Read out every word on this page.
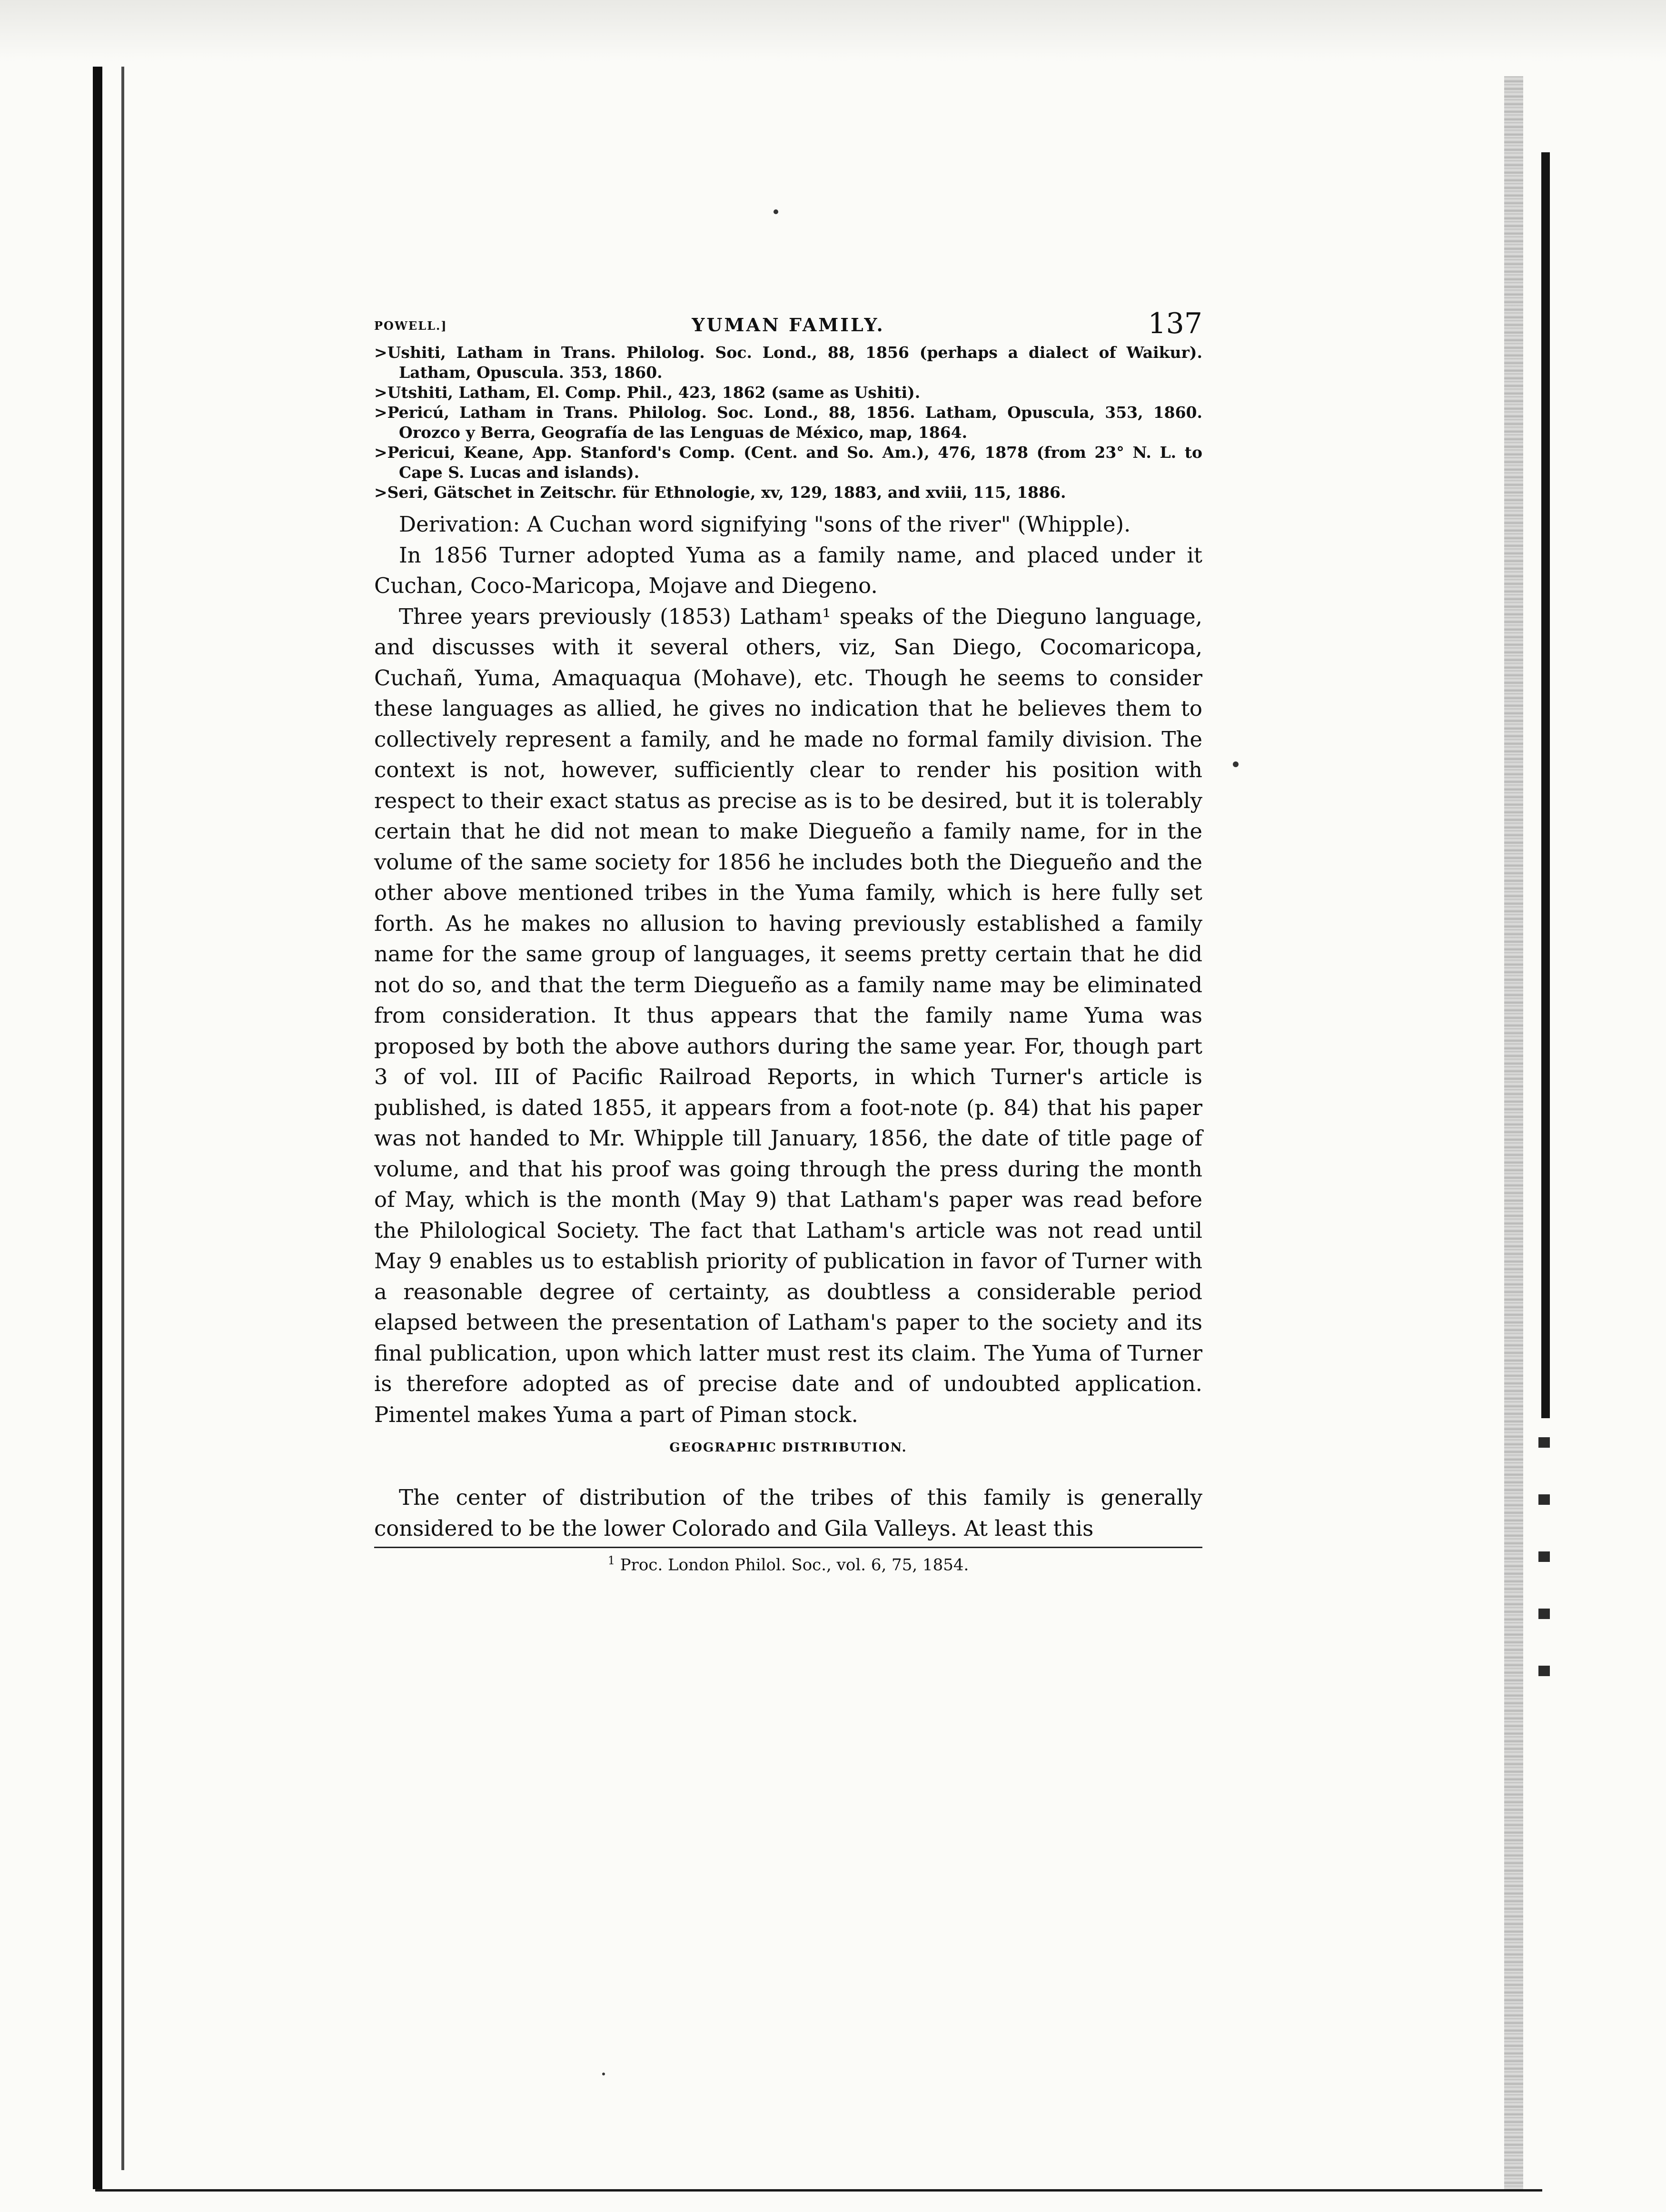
POWELL.]	YUMAN FAMILY.	137
>Ushiti, Latham in Trans. Philolog. Soc. Lond., 88, 1856 (perhaps a dialect of Waikur). Latham, Opuscula. 353, 1860.
>Utshiti, Latham, El. Comp. Phil., 423, 1862 (same as Ushiti).
>Pericú, Latham in Trans. Philolog. Soc. Lond., 88, 1856. Latham, Opuscula, 353, 1860. Orozco y Berra, Geografía de las Lenguas de México, map, 1864.
>Pericui, Keane, App. Stanford's Comp. (Cent. and So. Am.), 476, 1878 (from 23° N. L. to Cape S. Lucas and islands).
>Seri, Gätschet in Zeitschr. für Ethnologie, xv, 129, 1883, and xviii, 115, 1886.

Derivation: A Cuchan word signifying "sons of the river" (Whipple).

In 1856 Turner adopted Yuma as a family name, and placed under it Cuchan, Coco-Maricopa, Mojave and Diegeno.

Three years previously (1853) Latham¹ speaks of the Dieguno language, and discusses with it several others, viz, San Diego, Cocomaricopa, Cuchañ, Yuma, Amaquaqua (Mohave), etc. Though he seems to consider these languages as allied, he gives no indication that he believes them to collectively represent a family, and he made no formal family division. The context is not, however, sufficiently clear to render his position with respect to their exact status as precise as is to be desired, but it is tolerably certain that he did not mean to make Diegueño a family name, for in the volume of the same society for 1856 he includes both the Diegueño and the other above mentioned tribes in the Yuma family, which is here fully set forth. As he makes no allusion to having previously established a family name for the same group of languages, it seems pretty certain that he did not do so, and that the term Diegueño as a family name may be eliminated from consideration. It thus appears that the family name Yuma was proposed by both the above authors during the same year. For, though part 3 of vol. III of Pacific Railroad Reports, in which Turner's article is published, is dated 1855, it appears from a foot-note (p. 84) that his paper was not handed to Mr. Whipple till January, 1856, the date of title page of volume, and that his proof was going through the press during the month of May, which is the month (May 9) that Latham's paper was read before the Philological Society. The fact that Latham's article was not read until May 9 enables us to establish priority of publication in favor of Turner with a reasonable degree of certainty, as doubtless a considerable period elapsed between the presentation of Latham's paper to the society and its final publication, upon which latter must rest its claim. The Yuma of Turner is therefore adopted as of precise date and of undoubted application. Pimentel makes Yuma a part of Piman stock.

GEOGRAPHIC DISTRIBUTION.

The center of distribution of the tribes of this family is generally considered to be the lower Colorado and Gila Valleys. At least this

$^1$ Proc. London Philol. Soc., vol. 6, 75, 1854.
